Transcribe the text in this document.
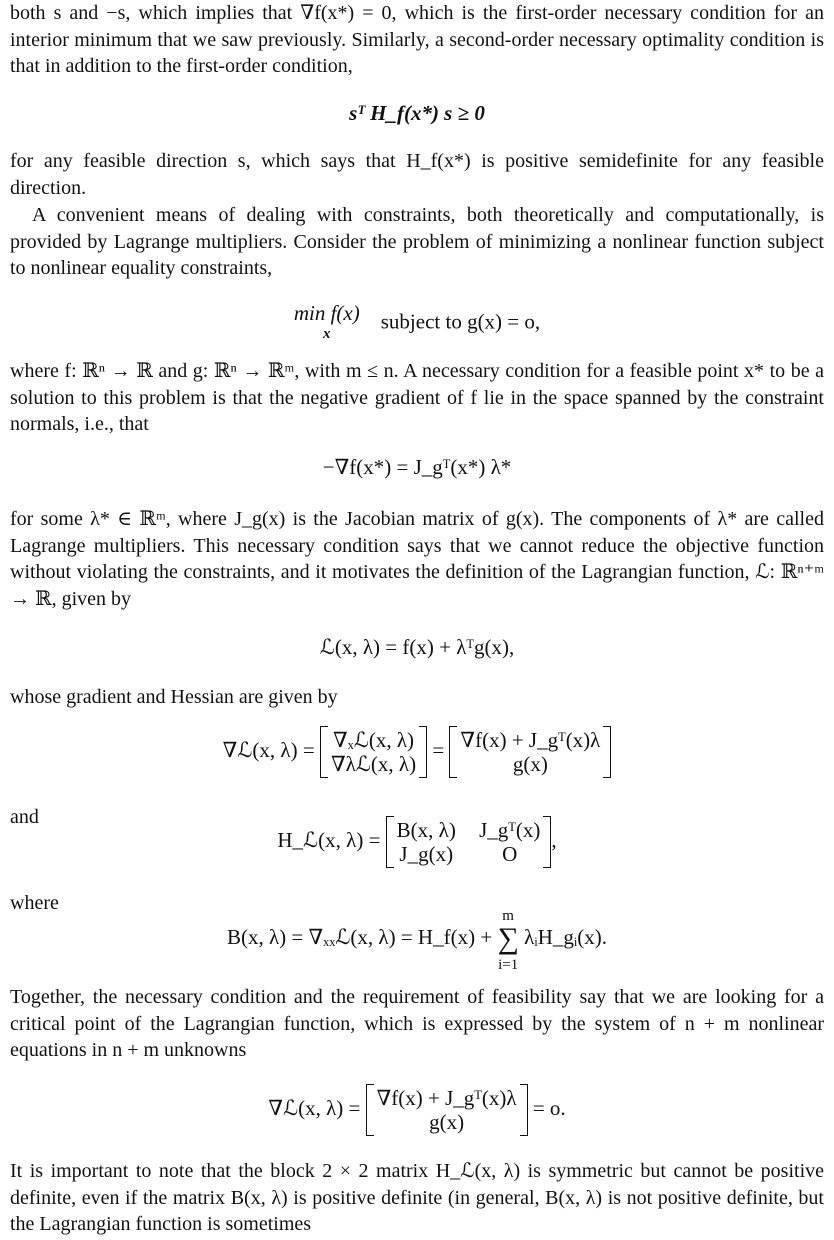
both s and −s, which implies that ∇f(x*) = 0, which is the first-order necessary condition for an interior minimum that we saw previously. Similarly, a second-order necessary optimality condition is that in addition to the first-order condition,

sᵀ H_f(x*) s ≥ 0

for any feasible direction s, which says that H_f(x*) is positive semidefinite for any feasible direction.

A convenient means of dealing with constraints, both theoretically and computationally, is provided by Lagrange multipliers. Consider the problem of minimizing a nonlinear function subject to nonlinear equality constraints,

min f(x)
x    subject to g(x) = o,

where f: ℝⁿ → ℝ and g: ℝⁿ → ℝᵐ, with m ≤ n. A necessary condition for a feasible point x* to be a solution to this problem is that the negative gradient of f lie in the space spanned by the constraint normals, i.e., that

−∇f(x*) = J_gᵀ(x*) λ*

for some λ* ∈ ℝᵐ, where J_g(x) is the Jacobian matrix of g(x). The components of λ* are called Lagrange multipliers. This necessary condition says that we cannot reduce the objective function without violating the constraints, and it motivates the definition of the Lagrangian function, ℒ: ℝⁿ⁺ᵐ → ℝ, given by

ℒ(x, λ) = f(x) + λᵀg(x),

whose gradient and Hessian are given by

∇ℒ(x, λ) = ∇ₓℒ(x, λ)
∇λℒ(x, λ) = ∇f(x) + J_gᵀ(x)λ
g(x)

and

H_ℒ(x, λ) = B(x, λ)
J_g(x) J_gᵀ(x)
O,

where

B(x, λ) = ∇ₓₓℒ(x, λ) = H_f(x) + m
∑
i=1 λᵢH_gᵢ(x).

Together, the necessary condition and the requirement of feasibility say that we are looking for a critical point of the Lagrangian function, which is expressed by the system of n + m nonlinear equations in n + m unknowns

∇ℒ(x, λ) = ∇f(x) + J_gᵀ(x)λ
g(x) = o.

It is important to note that the block 2 × 2 matrix H_ℒ(x, λ) is symmetric but cannot be positive definite, even if the matrix B(x, λ) is positive definite (in general, B(x, λ) is not positive definite, but the Lagrangian function is sometimes
